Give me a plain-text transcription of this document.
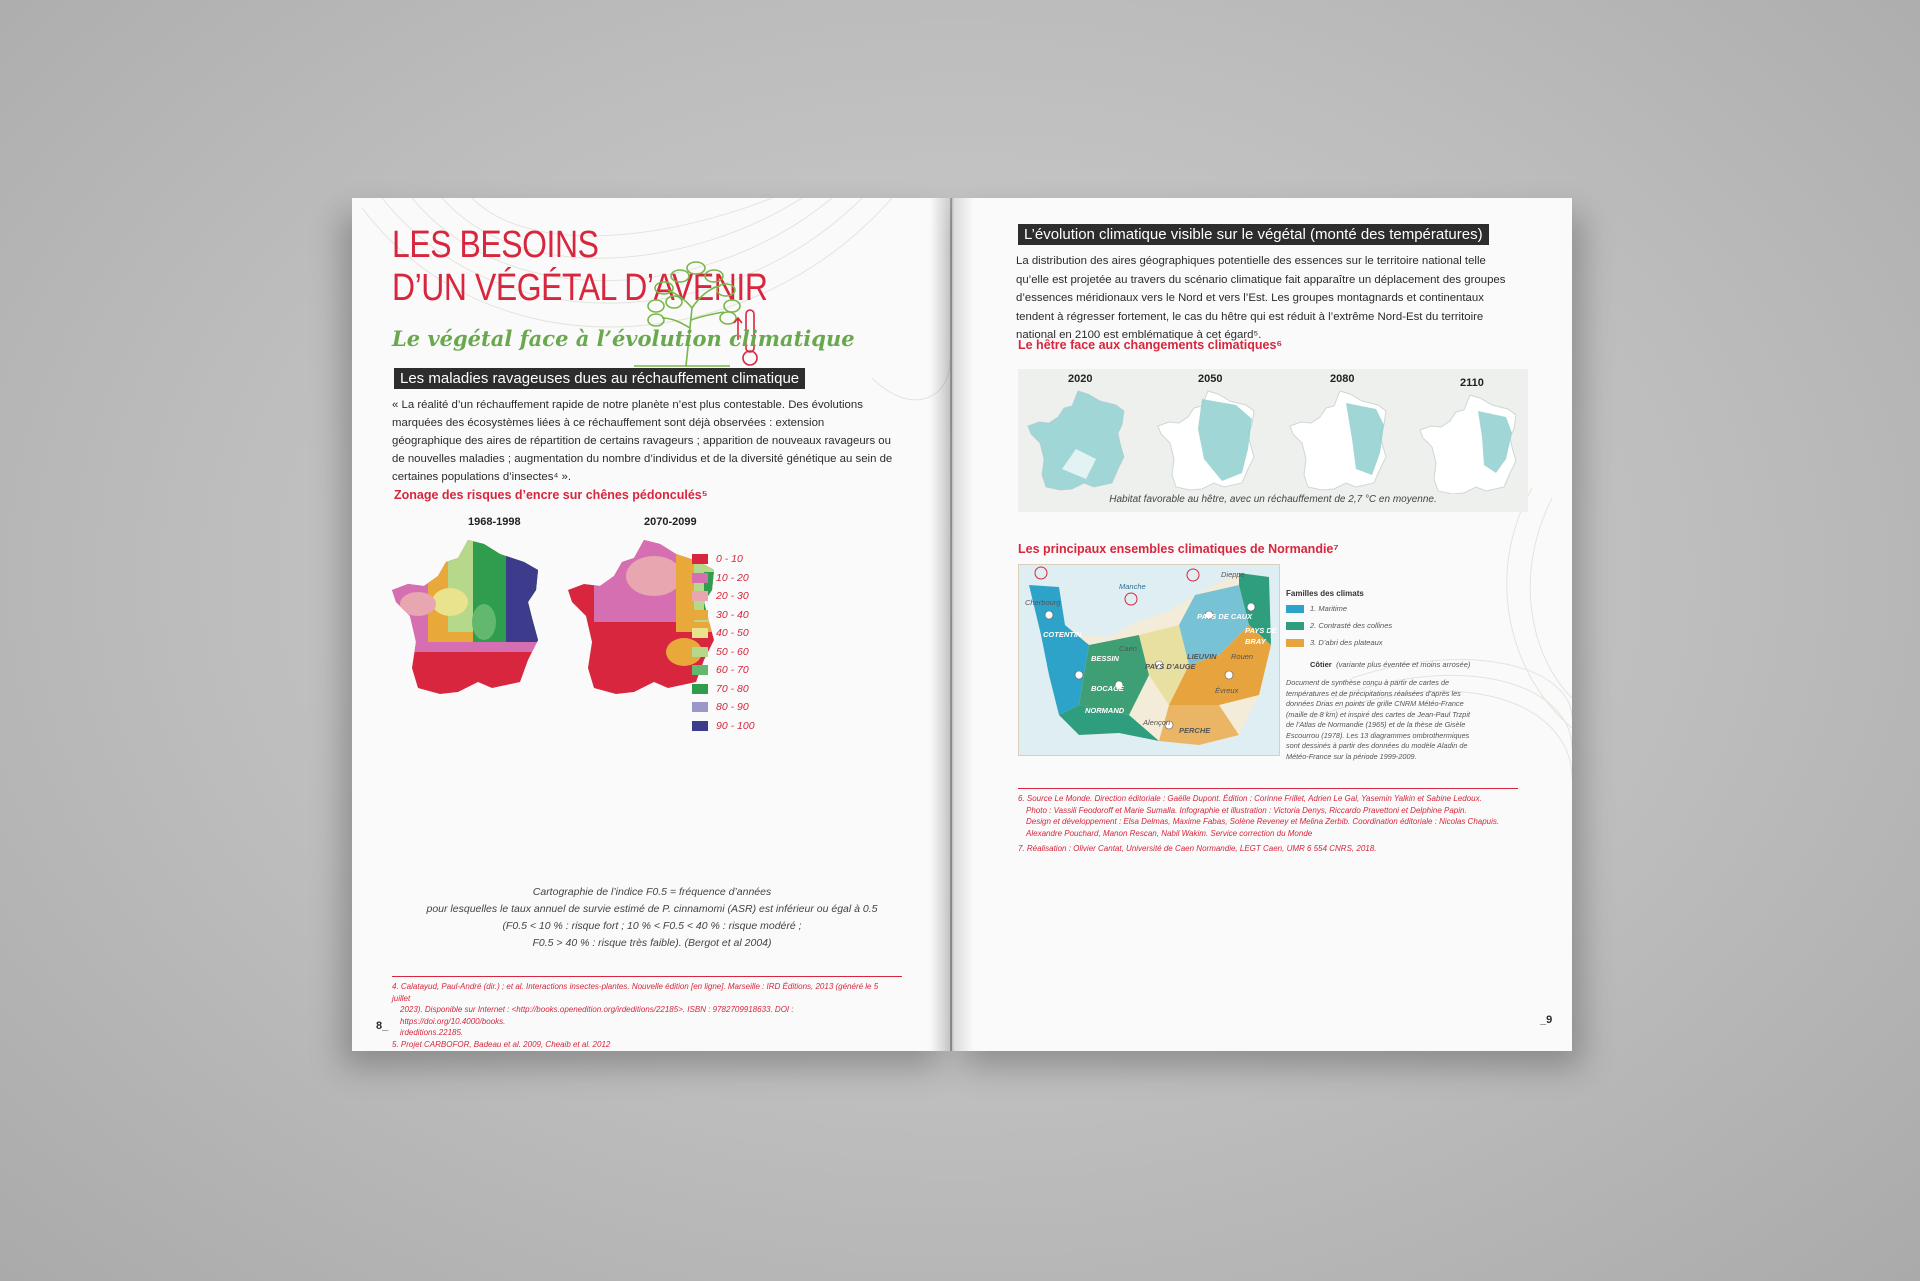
LES BESOINS
D’UN VÉGÉTAL D’AVENIR
Le végétal face à l’évolution climatique
Les maladies ravageuses dues au réchauffement climatique
« La réalité d’un réchauffement rapide de notre planète n’est plus contestable. Des évolutions marquées des écosystèmes liées à ce réchauffement sont déjà observées : extension géographique des aires de répartition de certains ravageurs ; apparition de nouveaux ravageurs ou de nouvelles maladies ; augmentation du nombre d’individus et de la diversité génétique au sein de certaines populations d’insectes⁴ ».
Zonage des risques d’encre sur chênes pédonculés⁵
1968-1998	2070-2099
0 - 10
10 - 20
20 - 30
30 - 40
40 - 50
50 - 60
60 - 70
70 - 80
80 - 90
90 - 100
Cartographie de l’indice F0.5 = fréquence d’années
pour lesquelles le taux annuel de survie estimé de P. cinnamomi (ASR) est inférieur ou égal à 0.5
(F0.5 < 10 % : risque fort ; 10 % < F0.5 < 40 % : risque modéré ;
F0.5 > 40 % : risque très faible). (Bergot et al 2004)
4. Calatayud, Paul-André (dir.) ; et al. Interactions insectes-plantes. Nouvelle édition [en ligne]. Marseille : IRD Éditions, 2013 (généré le 5 juillet
2023). Disponible sur Internet : <http://books.openedition.org/irdeditions/22185>. ISBN : 9782709918633. DOI : https://doi.org/10.4000/books.
irdeditions.22185.
5. Projet CARBOFOR, Badeau et al. 2009, Cheaib et al. 2012
8_
L’évolution climatique visible sur le végétal (monté des températures)
La distribution des aires géographiques potentielle des essences sur le territoire national telle qu’elle est projetée au travers du scénario climatique fait apparaître un déplacement des groupes d’essences méridionaux vers le Nord et vers l’Est. Les groupes montagnards et continentaux tendent à régresser fortement, le cas du hêtre qui est réduit à l’extrême Nord-Est du territoire national en 2100 est emblématique à cet égard⁵.
Le hêtre face aux changements climatiques⁶
2020	2050	2080	2110
Habitat favorable au hêtre, avec un réchauffement de 2,7 °C en moyenne.
Les principaux ensembles climatiques de Normandie⁷
Manche
COTENTIN
BESSIN
BOCAGE
NORMAND
PAYS DE CAUX
PAYS DE BRAY
PAYS D’AUGE
LIEUVIN
PERCHE
Cherbourg
Dieppe
Rouen
Caen
Évreux
Alençon
Familles des climats
1. Maritime
2. Contrasté des collines
3. D’abri des plateaux
Côtier (variante plus éventée et moins arrosée)
Document de synthèse conçu à partir de cartes de températures et de précipitations réalisées d’après les données Drias en points de grille CNRM Météo-France (maille de 8 km) et inspiré des cartes de Jean-Paul Trzpit de l’Atlas de Normandie (1965) et de la thèse de Gisèle Escourrou (1978). Les 13 diagrammes ombrothermiques sont dessinés à partir des données du modèle Aladin de Météo-France sur la période 1999-2009.
6. Source Le Monde. Direction éditoriale : Gaëlle Dupont. Édition : Corinne Frillet, Adrien Le Gal, Yasemin Yalkin et Sabine Ledoux.
Photo : Vassili Feodoroff et Marie Sumalla. Infographie et illustration : Victoria Denys, Riccardo Pravettoni et Delphine Papin.
Design et développement : Elsa Delmas, Maxime Fabas, Solène Reveney et Melina Zerbib. Coordination éditoriale : Nicolas Chapuis.
Alexandre Pouchard, Manon Rescan, Nabil Wakim. Service correction du Monde
7. Réalisation : Olivier Cantat, Université de Caen Normandie, LEGT Caen, UMR 6 554 CNRS, 2018.
_9
